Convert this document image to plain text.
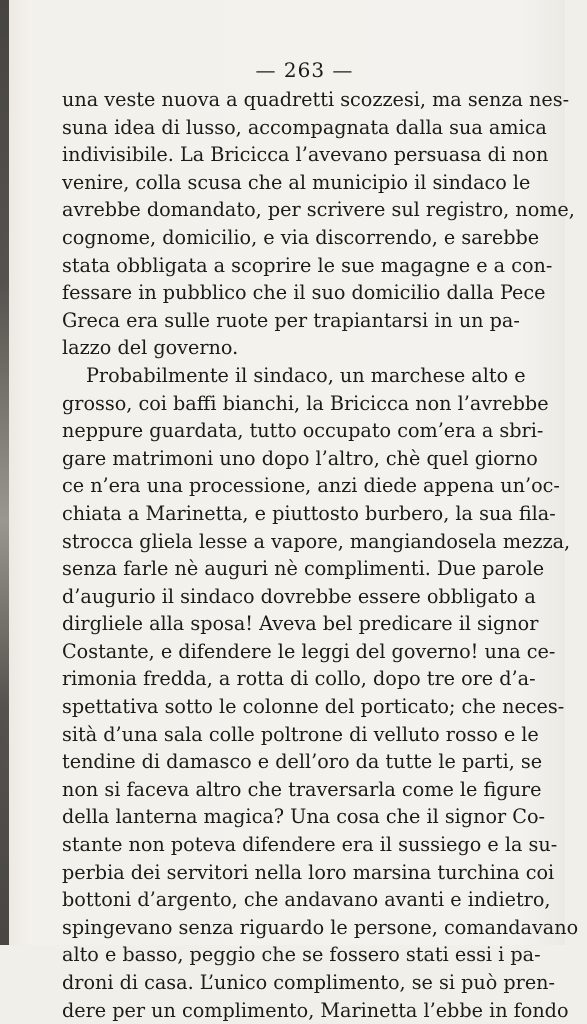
— 263 —
una veste nuova a quadretti scozzesi, ma senza nes-
suna idea di lusso, accompagnata dalla sua amica
indivisibile. La Bricicca l’avevano persuasa di non
venire, colla scusa che al municipio il sindaco le
avrebbe domandato, per scrivere sul registro, nome,
cognome, domicilio, e via discorrendo, e sarebbe
stata obbligata a scoprire le sue magagne e a con-
fessare in pubblico che il suo domicilio dalla Pece
Greca era sulle ruote per trapiantarsi in un pa-
lazzo del governo.
Probabilmente il sindaco, un marchese alto e
grosso, coi baffi bianchi, la Bricicca non l’avrebbe
neppure guardata, tutto occupato com’era a sbri-
gare matrimoni uno dopo l’altro, chè quel giorno
ce n’era una processione, anzi diede appena un’oc-
chiata a Marinetta, e piuttosto burbero, la sua fila-
strocca gliela lesse a vapore, mangiandosela mezza,
senza farle nè auguri nè complimenti. Due parole
d’augurio il sindaco dovrebbe essere obbligato a
dirgliele alla sposa! Aveva bel predicare il signor
Costante, e difendere le leggi del governo! una ce-
rimonia fredda, a rotta di collo, dopo tre ore d’a-
spettativa sotto le colonne del porticato; che neces-
sità d’una sala colle poltrone di velluto rosso e le
tendine di damasco e dell’oro da tutte le parti, se
non si faceva altro che traversarla come le figure
della lanterna magica? Una cosa che il signor Co-
stante non poteva difendere era il sussiego e la su-
perbia dei servitori nella loro marsina turchina coi
bottoni d’argento, che andavano avanti e indietro,
spingevano senza riguardo le persone, comandavano
alto e basso, peggio che se fossero stati essi i pa-
droni di casa. L’unico complimento, se si può pren-
dere per un complimento, Marinetta l’ebbe in fondo
